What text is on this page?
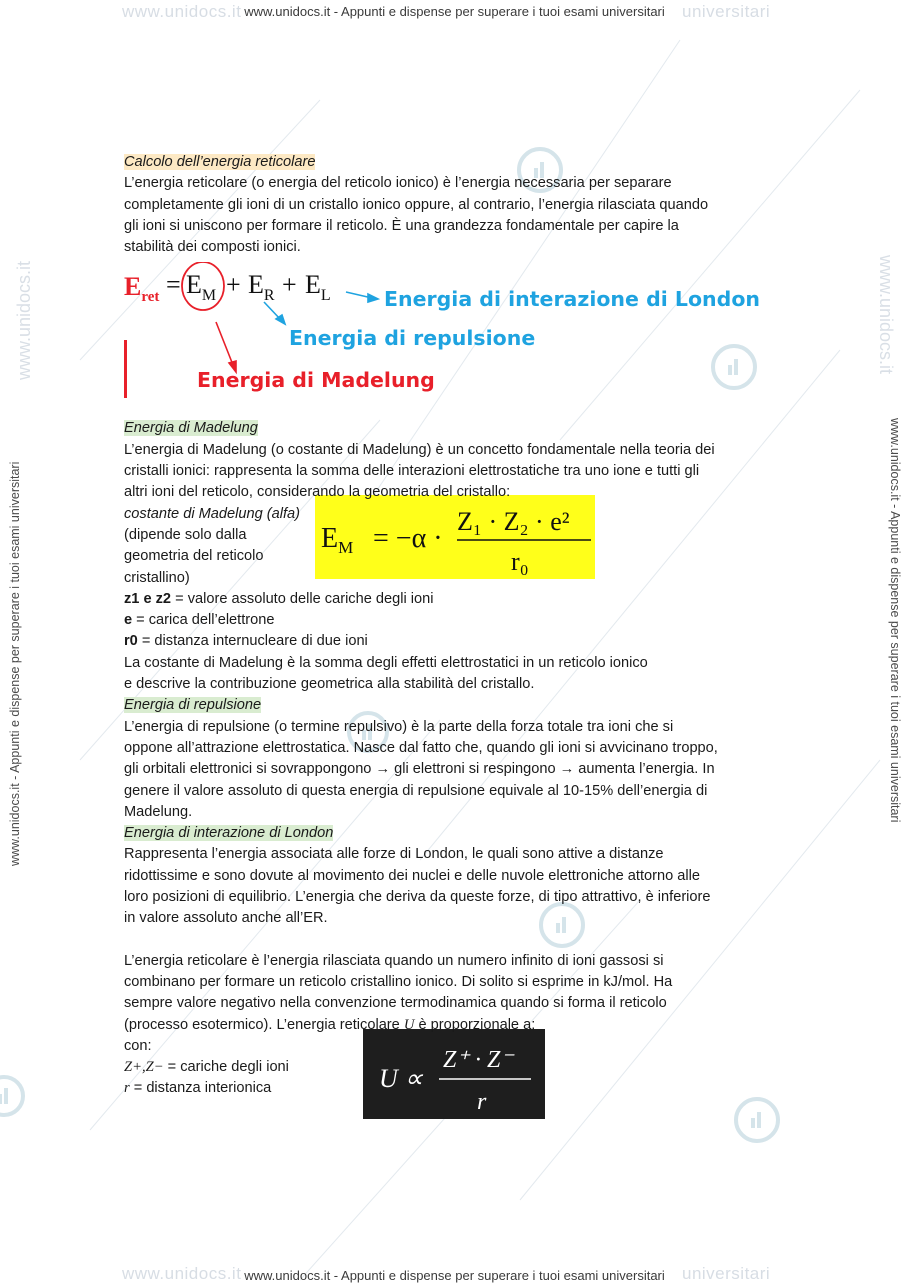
www.unidocs.it - Appunti e dispense per superare i tuoi esami universitari
www.unidocs.it - Appunti e dispense per superare i tuoi esami universitari
www.unidocs.it	universitari
www.unidocs.it	universitari
www.unidocs.it - Appunti e dispense per superare i tuoi esami universitari	www.unidocs.it - Appunti e dispense per superare i tuoi esami universitari
www.unidocs.it	www.unidocs.it
$E_{ret} = E_M + E_R + E_L$	Energia di interazione di London
Energia di repulsione
Energia di Madelung
$E_M = -\alpha$ ·
Z₁ · Z₂ · e²
r₀
U ∝
Z⁺ · Z⁻
r
Calcolo dell’energia reticolare
L’energia reticolare (o energia del reticolo ionico) è l’energia necessaria per separare
completamente gli ioni di un cristallo ionico oppure, al contrario, l’energia rilasciata quando
gli ioni si uniscono per formare il reticolo. È una grandezza fondamentale per capire la
stabilità dei composti ionici.
Energia di Madelung
L’energia di Madelung (o costante di Madelung) è un concetto fondamentale nella teoria dei
cristalli ionici: rappresenta la somma delle interazioni elettrostatiche tra uno ione e tutti gli
altri ioni del reticolo, considerando la geometria del cristallo:
costante di Madelung (alfa)
(dipende solo dalla
geometria del reticolo
cristallino)
z1 e z2 = valore assoluto delle cariche degli ioni
e = carica dell’elettrone
r0 = distanza internucleare di due ioni
La costante di Madelung è la somma degli effetti elettrostatici in un reticolo ionico
e descrive la contribuzione geometrica alla stabilità del cristallo.
Energia di repulsione
L’energia di repulsione (o termine repulsivo) è la parte della forza totale tra ioni che si
oppone all’attrazione elettrostatica. Nasce dal fatto che, quando gli ioni si avvicinano troppo,
gli orbitali elettronici si sovrappongono → gli elettroni si respingono → aumenta l’energia. In
genere il valore assoluto di questa energia di repulsione equivale al 10-15% dell’energia di
Madelung.
Energia di interazione di London
Rappresenta l’energia associata alle forze di London, le quali sono attive a distanze
ridottissime e sono dovute al movimento dei nuclei e delle nuvole elettroniche attorno alle
loro posizioni di equilibrio. L’energia che deriva da queste forze, di tipo attrattivo, è inferiore
in valore assoluto anche all’ER.
L’energia reticolare è l’energia rilasciata quando un numero infinito di ioni gassosi si
combinano per formare un reticolo cristallino ionico. Di solito si esprime in kJ/mol. Ha
sempre valore negativo nella convenzione termodinamica quando si forma il reticolo
(processo esotermico). L’energia reticolare U è proporzionale a:
con:
Z+,Z− = cariche degli ioni
r = distanza interionica
